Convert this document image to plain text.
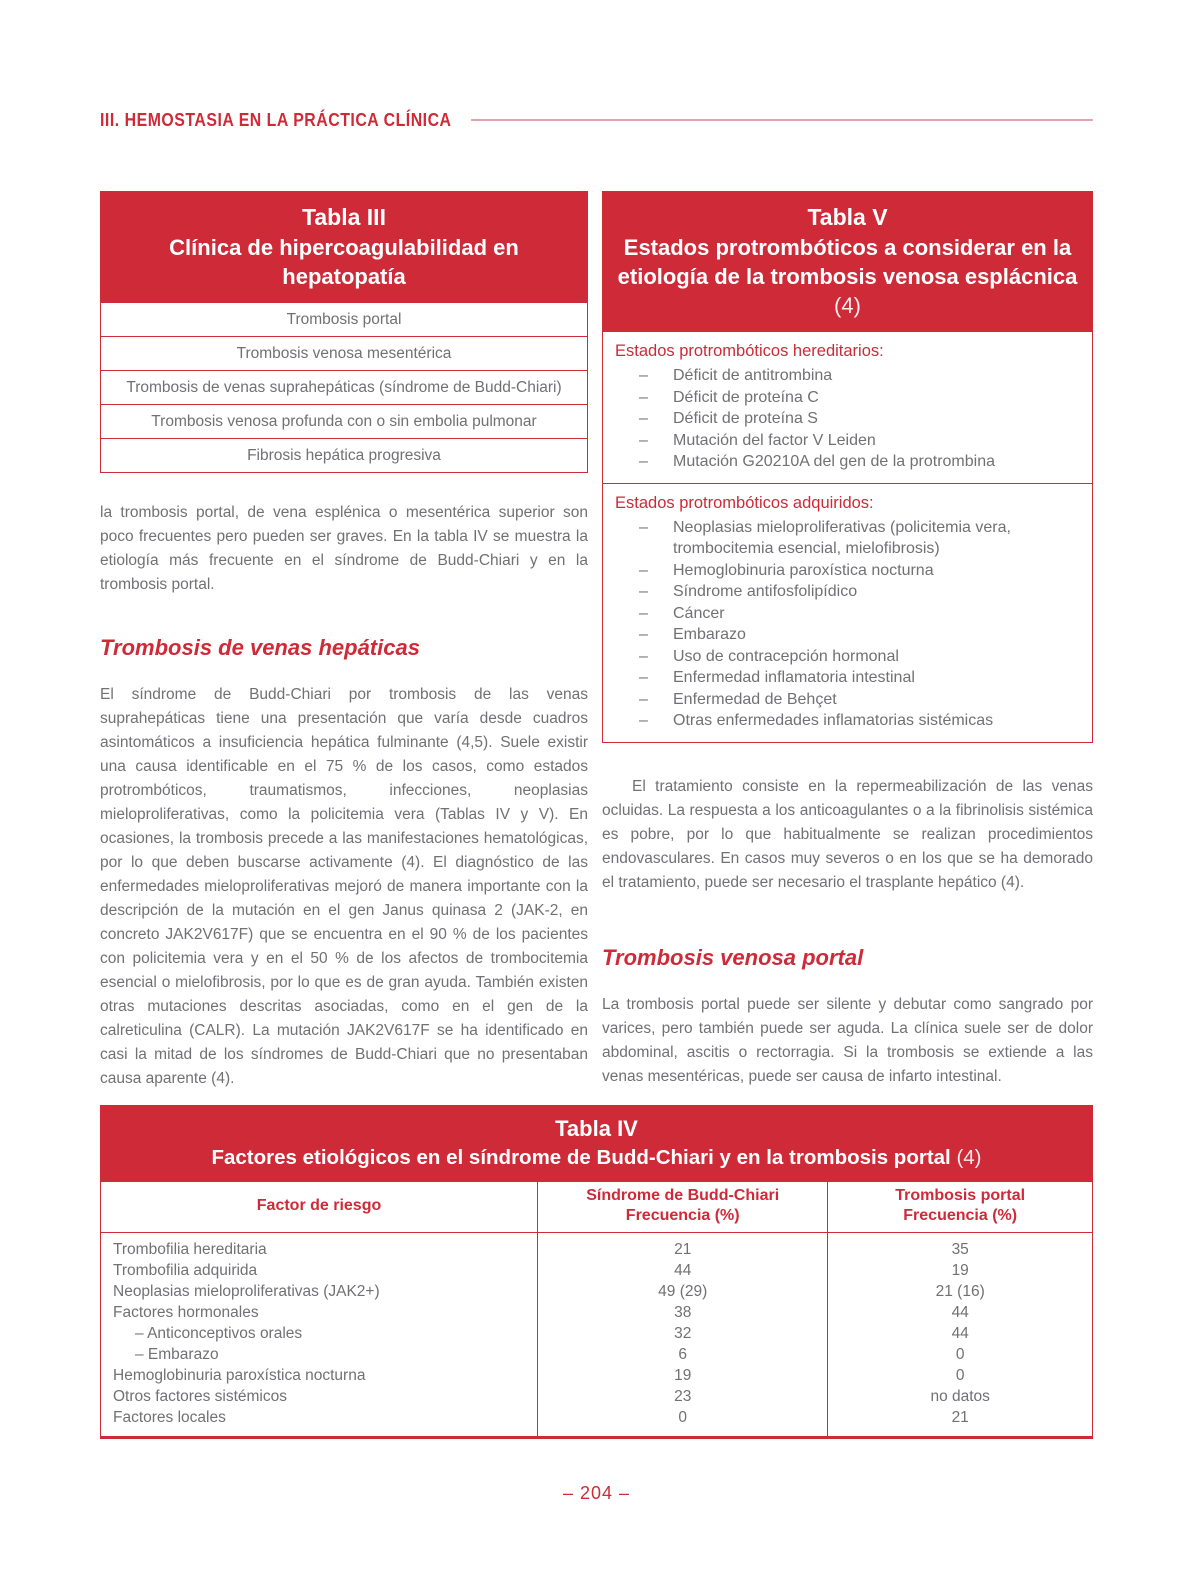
III. HEMOSTASIA EN LA PRÁCTICA CLÍNICA
Tabla III
Clínica de hipercoagulabilidad en hepatopatía
Trombosis portal
Trombosis venosa mesentérica
Trombosis de venas suprahepáticas (síndrome de Budd-Chiari)
Trombosis venosa profunda con o sin embolia pulmonar
Fibrosis hepática progresiva

la trombosis portal, de vena esplénica o mesentérica superior son poco frecuentes pero pueden ser graves. En la tabla IV se muestra la etiología más frecuente en el síndrome de Budd-Chiari y en la trombosis portal.

Trombosis de venas hepáticas

El síndrome de Budd-Chiari por trombosis de las venas suprahepáticas tiene una presentación que varía desde cuadros asintomáticos a insuficiencia hepática fulminante (4,5). Suele existir una causa identificable en el 75 % de los casos, como estados protrombóticos, traumatismos, infecciones, neoplasias mieloproliferativas, como la policitemia vera (Tablas IV y V). En ocasiones, la trombosis precede a las manifestaciones hematológicas, por lo que deben buscarse activamente (4). El diagnóstico de las enfermedades mieloproliferativas mejoró de manera importante con la descripción de la mutación en el gen Janus quinasa 2 (JAK-2, en concreto JAK2V617F) que se encuentra en el 90 % de los pacientes con policitemia vera y en el 50 % de los afectos de trombocitemia esencial o mielofibrosis, por lo que es de gran ayuda. También existen otras mutaciones descritas asociadas, como en el gen de la calreticulina (CALR). La mutación JAK2V617F se ha identificado en casi la mitad de los síndromes de Budd-Chiari que no presentaban causa aparente (4).

Tabla V
Estados protrombóticos a considerar en la etiología de la trombosis venosa esplácnica (4)
Estados protrombóticos hereditarios:
–	Déficit de antitrombina
–	Déficit de proteína C
–	Déficit de proteína S
–	Mutación del factor V Leiden
–	Mutación G20210A del gen de la protrombina
Estados protrombóticos adquiridos:
–	Neoplasias mieloproliferativas (policitemia vera, trombocitemia esencial, mielofibrosis)
–	Hemoglobinuria paroxística nocturna
–	Síndrome antifosfolipídico
–	Cáncer
–	Embarazo
–	Uso de contracepción hormonal
–	Enfermedad inflamatoria intestinal
–	Enfermedad de Behçet
–	Otras enfermedades inflamatorias sistémicas

El tratamiento consiste en la repermeabilización de las venas ocluidas. La respuesta a los anticoagulantes o a la fibrinolisis sistémica es pobre, por lo que habitualmente se realizan procedimientos endovasculares. En casos muy severos o en los que se ha demorado el tratamiento, puede ser necesario el trasplante hepático (4).

Trombosis venosa portal

La trombosis portal puede ser silente y debutar como sangrado por varices, pero también puede ser aguda. La clínica suele ser de dolor abdominal, ascitis o rectorragia. Si la trombosis se extiende a las venas mesentéricas, puede ser causa de infarto intestinal.

Tabla IV
Factores etiológicos en el síndrome de Budd-Chiari y en la trombosis portal (4)
Factor de riesgo
Síndrome de Budd-Chiari
Frecuencia (%)
Trombosis portal
Frecuencia (%)
Trombofilia hereditaria	21	35
Trombofilia adquirida	44	19
Neoplasias mieloproliferativas (JAK2+)	49 (29)	21 (16)
Factores hormonales	38	44
– Anticonceptivos orales	32	44
– Embarazo	6	0
Hemoglobinuria paroxística nocturna	19	0
Otros factores sistémicos	23	no datos
Factores locales	0	21
– 204 –
